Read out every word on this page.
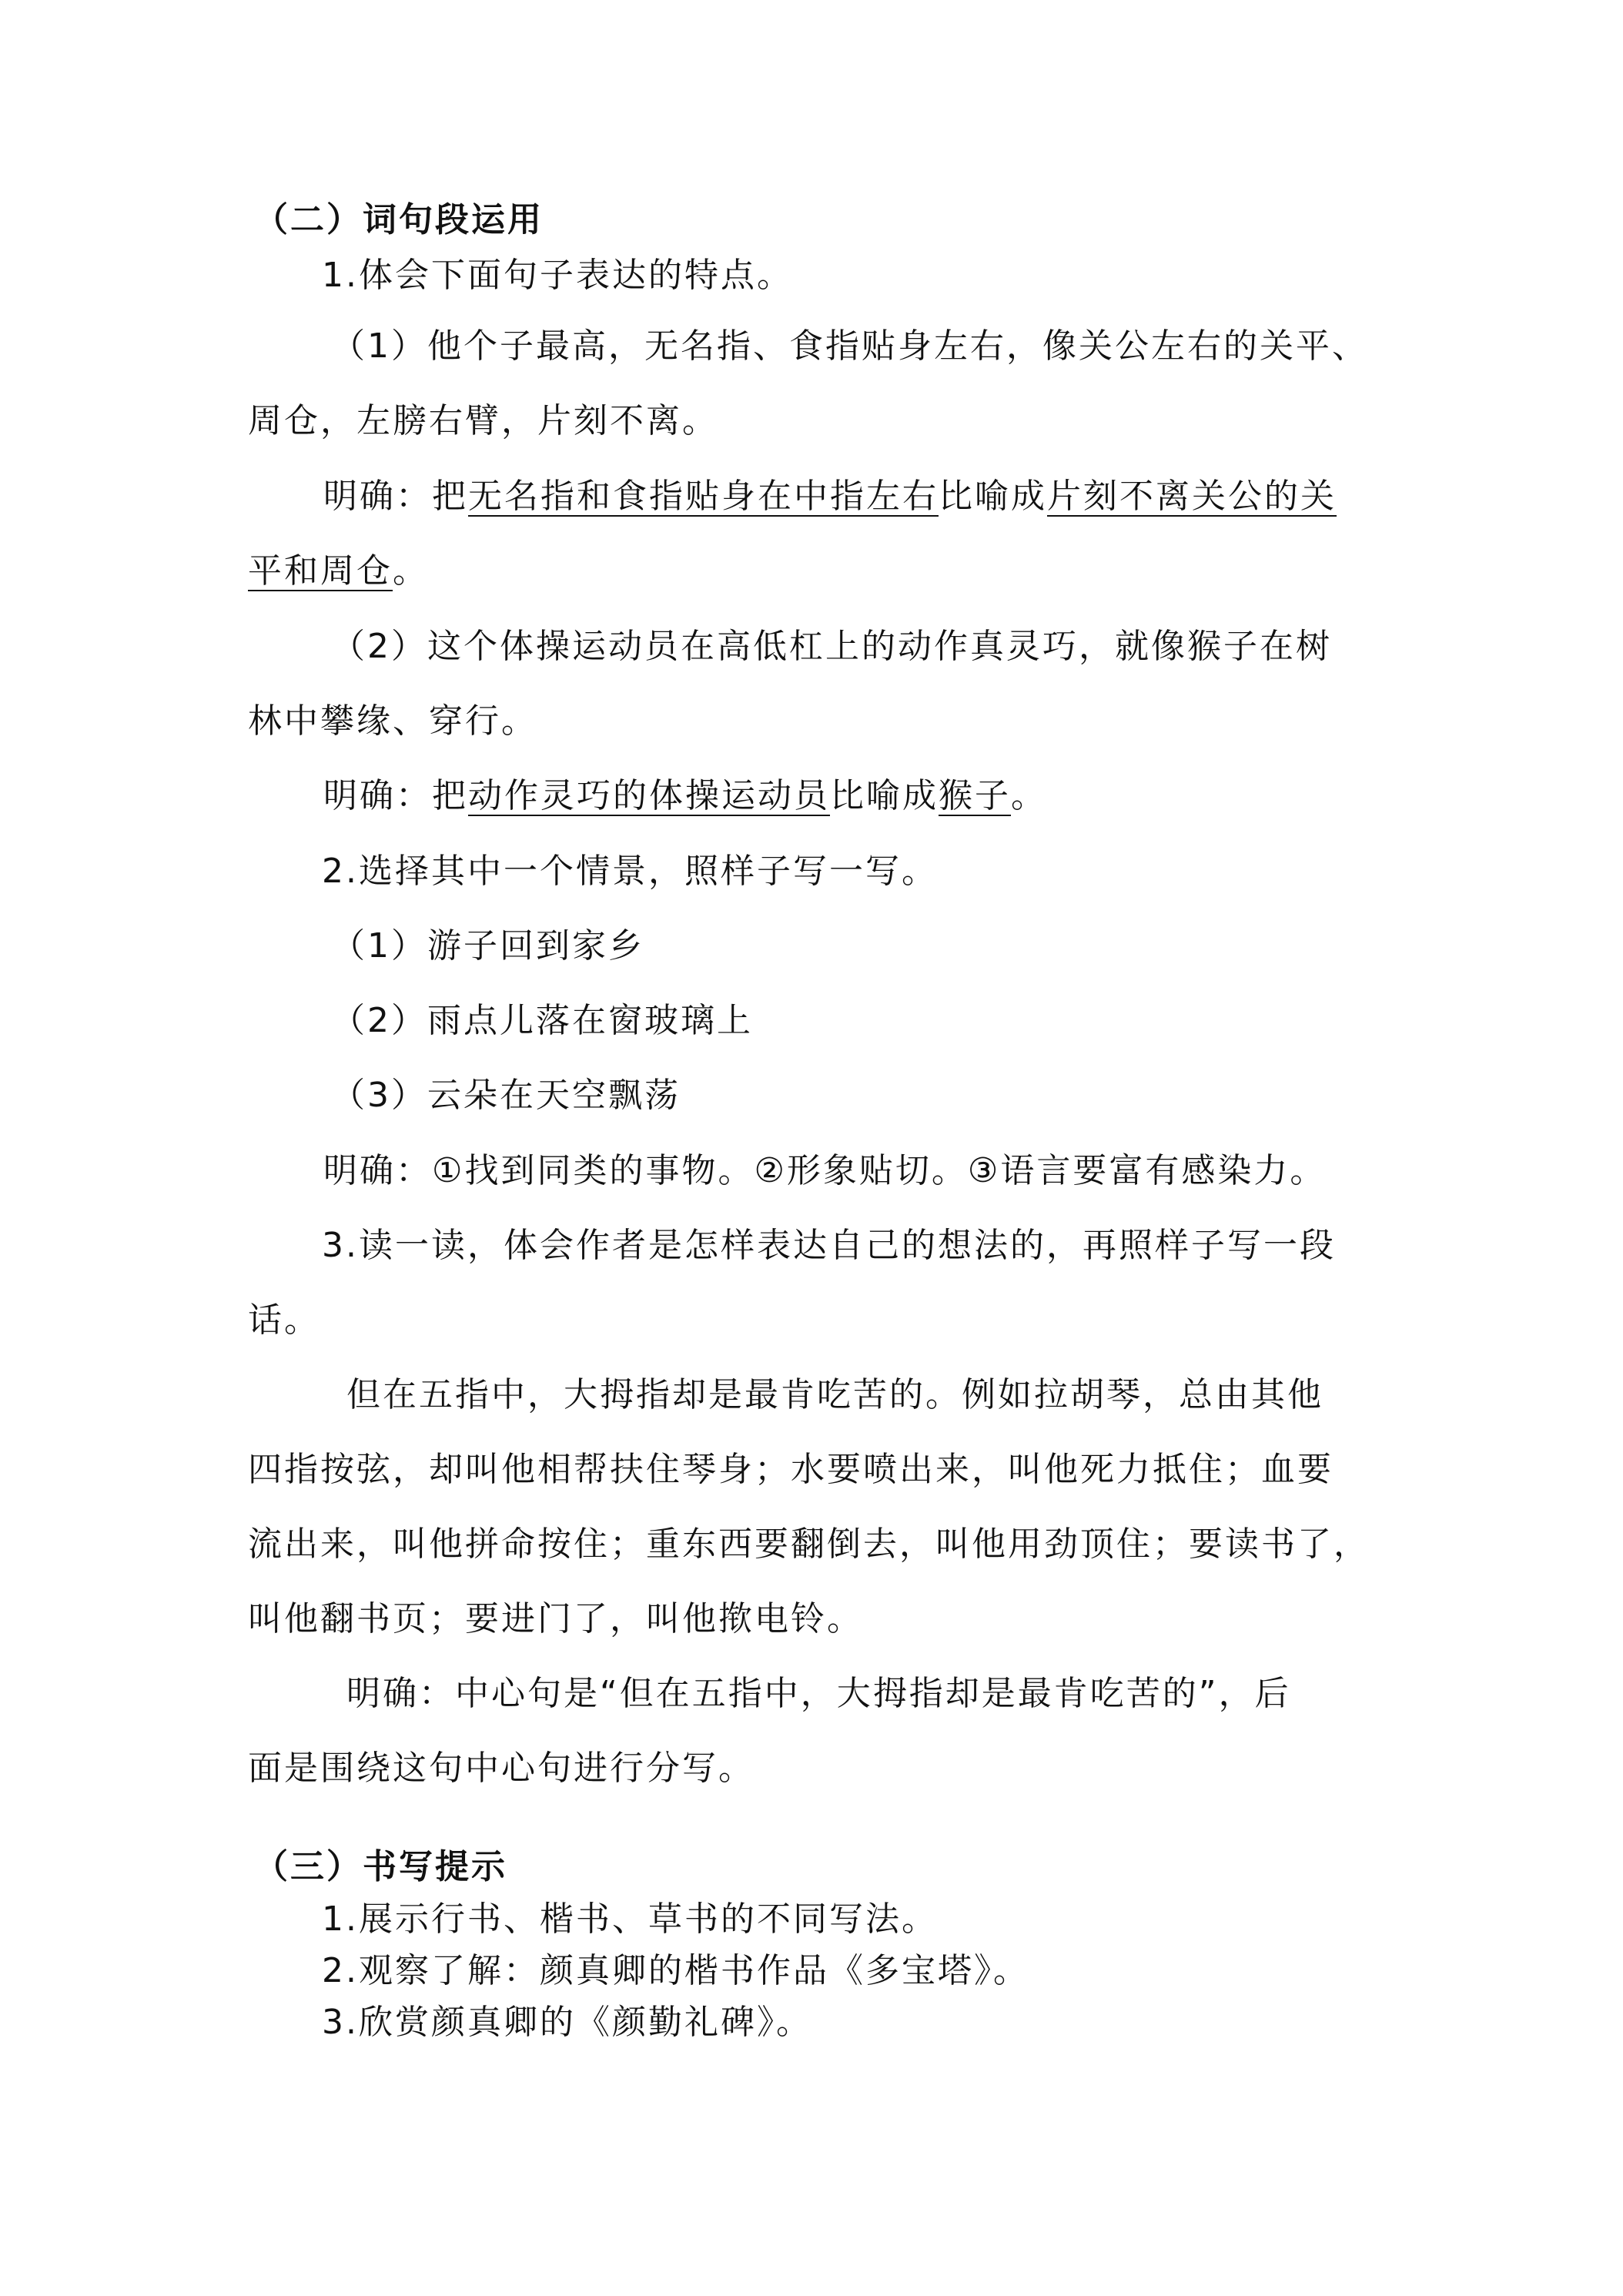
（二）词句段运用
1.体会下面句子表达的特点。
（1）他个子最高，无名指、食指贴身左右，像关公左右的关平、
周仓，左膀右臂，片刻不离。
明确：把无名指和食指贴身在中指左右比喻成片刻不离关公的关
平和周仓。
（2）这个体操运动员在高低杠上的动作真灵巧，就像猴子在树
林中攀缘、穿行。
明确：把动作灵巧的体操运动员比喻成猴子。
2.选择其中一个情景，照样子写一写。
（1）游子回到家乡
（2）雨点儿落在窗玻璃上
（3）云朵在天空飘荡
明确：①找到同类的事物。②形象贴切。③语言要富有感染力。
3.读一读，体会作者是怎样表达自己的想法的，再照样子写一段
话。
但在五指中，大拇指却是最肯吃苦的。例如拉胡琴，总由其他
四指按弦，却叫他相帮扶住琴身；水要喷出来，叫他死力抵住；血要
流出来，叫他拼命按住；重东西要翻倒去，叫他用劲顶住；要读书了，
叫他翻书页；要进门了，叫他揿电铃。
明确：中心句是“但在五指中，大拇指却是最肯吃苦的”，后
面是围绕这句中心句进行分写。
（三）书写提示
1.展示行书、楷书、草书的不同写法。
2.观察了解：颜真卿的楷书作品《多宝塔》。
3.欣赏颜真卿的《颜勤礼碑》。
